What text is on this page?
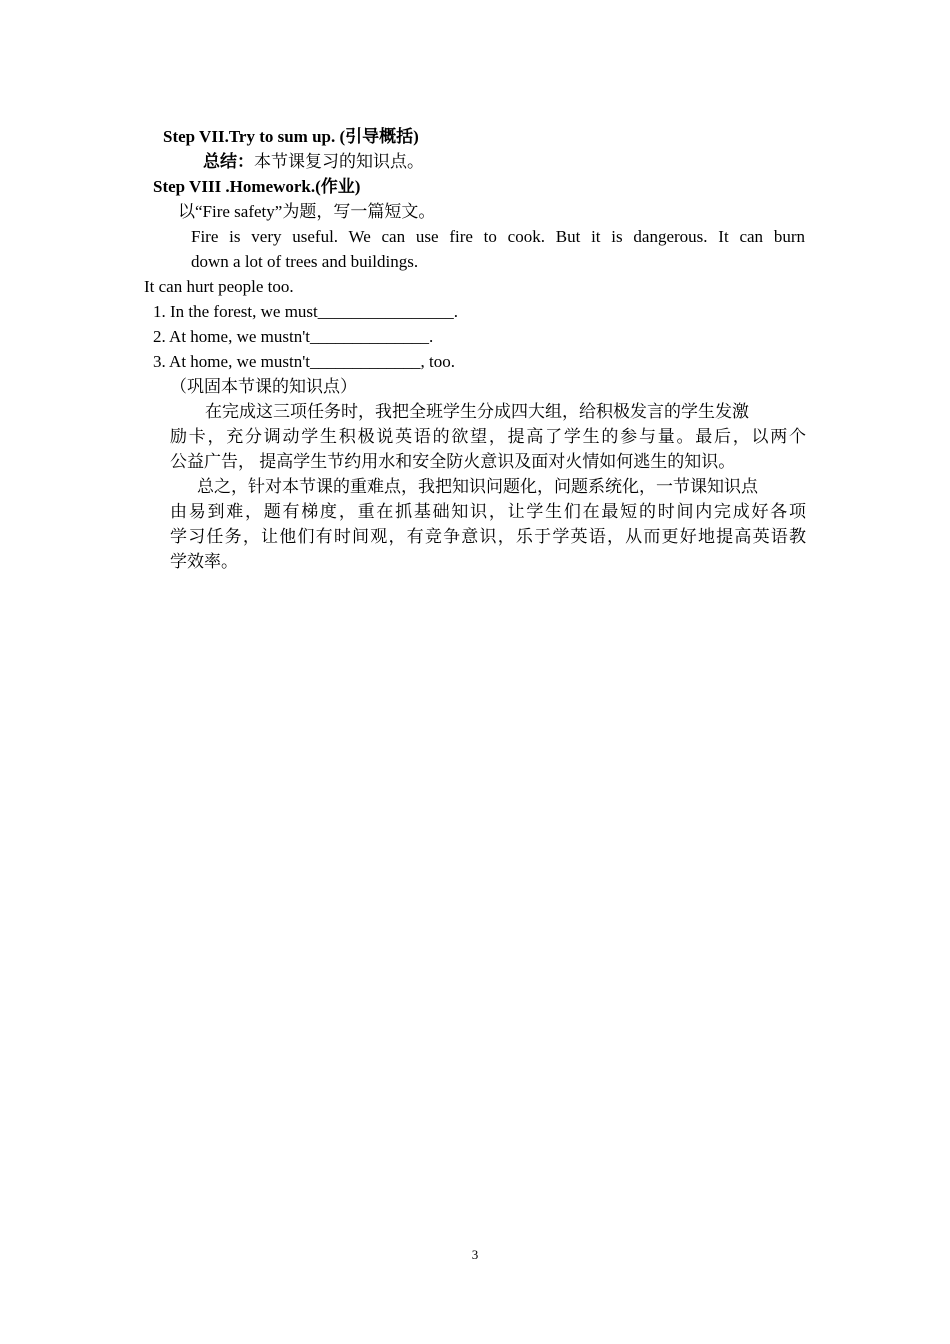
Step VII.Try to sum up. (引导概括)
总结：本节课复习的知识点。
Step VIII .Homework.(作业)
以“Fire safety”为题，写一篇短文。
Fire is very useful. We can use fire to cook. But it is dangerous. It can burn
down a lot of trees and buildings.
It can hurt people too.
1. In the forest, we must________________.
2. At home, we mustn't______________.
3. At home, we mustn't_____________, too.
（巩固本节课的知识点）
在完成这三项任务时，我把全班学生分成四大组，给积极发言的学生发激
励卡，充分调动学生积极说英语的欲望，提高了学生的参与量。最后，以两个
公益广告， 提高学生节约用水和安全防火意识及面对火情如何逃生的知识。
总之，针对本节课的重难点，我把知识问题化，问题系统化，一节课知识点
由易到难，题有梯度，重在抓基础知识，让学生们在最短的时间内完成好各项
学习任务，让他们有时间观，有竞争意识，乐于学英语，从而更好地提高英语教
学效率。
3
